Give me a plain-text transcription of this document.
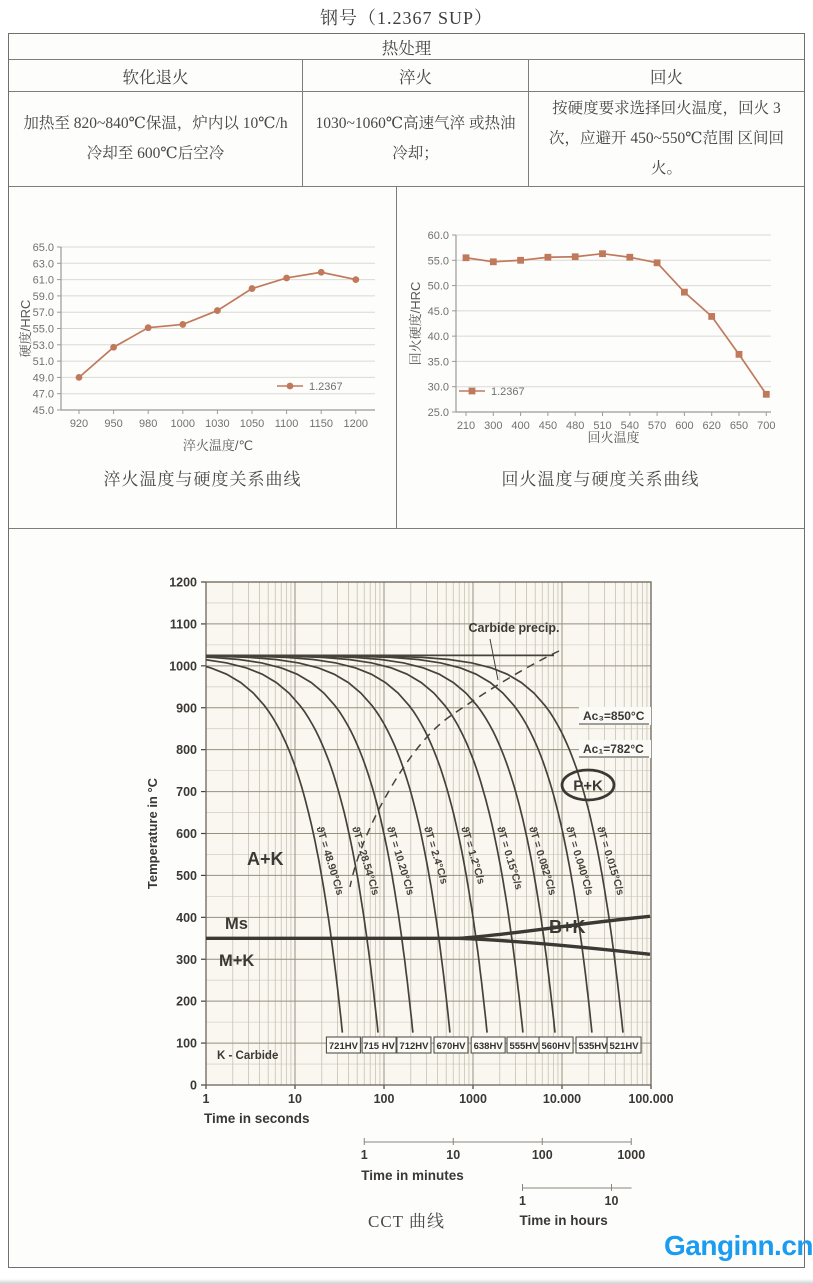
钢号（1.2367 SUP）
热处理
软化退火	淬火	回火
加热至 820~840℃保温，炉内以 10℃/h 冷却至 600℃后空冷
1030~1060℃高速气淬 或热油冷却；
按硬度要求选择回火温度，回火 3 次，应避开 450~550℃范围 区间回火。
45.0
47.0
49.0
51.0
53.0
55.0
57.0
59.0
61.0
63.0
65.0
920 950 980 1000 1030 1050 1100 1150 1200
1.2367
淬火温度/℃
硬度/HRC
淬火温度与硬度关系曲线
25.0
30.0
35.0
40.0
45.0
50.0
55.0
60.0
210 300 400 450 480 510 540 570 600 620 650 700
1.2367
回火温度
回火硬度/HRC
回火温度与硬度关系曲线
0
100
200
300
400
500
600
700
800
900
1000
1100
1200
1	10	100	1000	10.000	100.000
Temperature in °C
Time in seconds
1	10	100	1000
Time in minutes
1	10
Time in hours
ϑT = 48.90°C/s
721HV
ϑT = 28.54°C/s
715 HV
ϑT = 10.20°C/s
712HV
ϑT = 2.4°C/s
670HV
ϑT = 1.2°C/s
638HV
ϑT = 0.15°C/s
555HV
ϑT = 0.082°C/s
560HV
ϑT = 0.040°C/s
535HV
ϑT = 0.015°C/s
521HV
Carbide precip.
A+K
Ms
M+K
B+K
K - Carbide
Ac₃=850°C
Ac₁=782°C
P+K
CCT 曲线
Ganginn.cn
